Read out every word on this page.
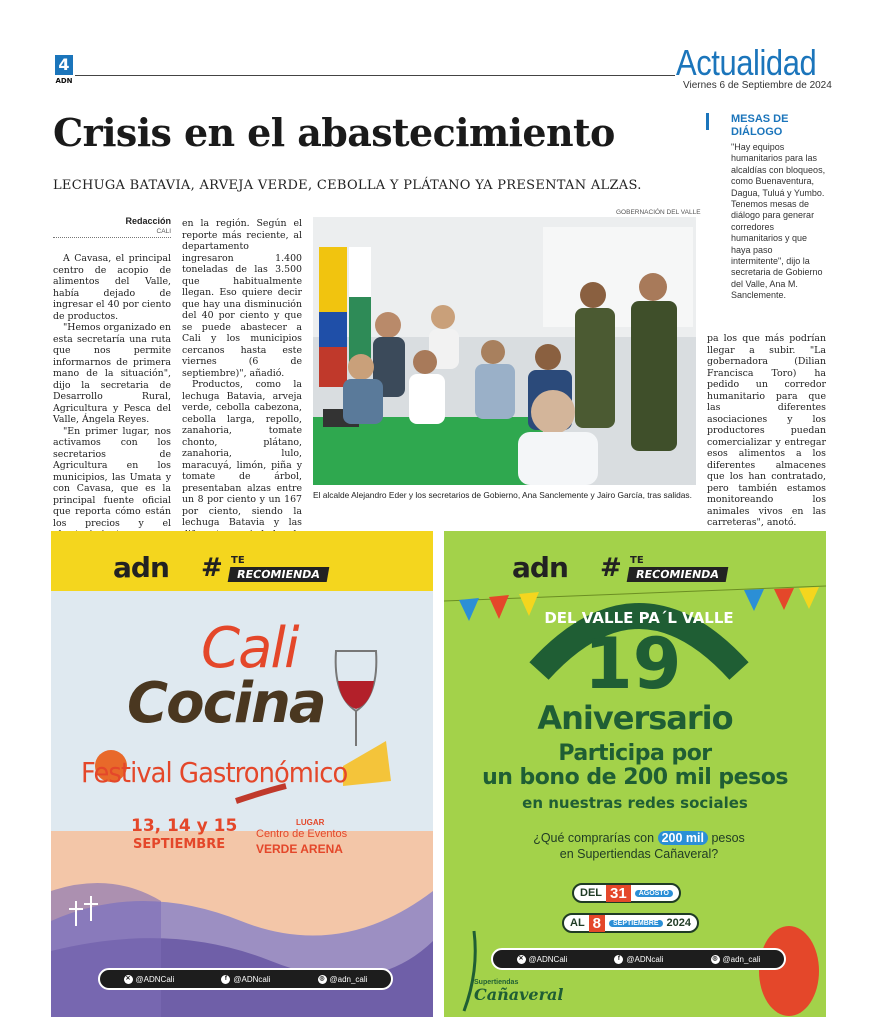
4
ADN	Actualidad
Viernes 6 de Septiembre de 2024
Crisis en el abastecimiento
LECHUGA BATAVIA, ARVEJA VERDE, CEBOLLA Y PLÁTANO YA PRESENTAN ALZAS.
MESAS DE
DIÁLOGO
"Hay equipos humanitarios para las alcaldías con bloqueos, como Buenaventura, Dagua, Tuluá y Yumbo. Tenemos mesas de diálogo para generar corredores humanitarios y que haya paso intermitente", dijo la secretaria de Gobierno del Valle, Ana M. Sanclemente.
Redacción
CALI

A Cavasa, el principal centro de acopio de alimentos del Valle, había dejado de ingresar el 40 por ciento de productos.

"Hemos organizado en esta secretaría una ruta que nos permite informarnos de primera mano de la situación", dijo la secretaria de Desarrollo Rural, Agricultura y Pesca del Valle, Ángela Reyes.

"En primer lugar, nos activamos con los secretarios de Agricultura en los municipios, las Umata y con Cavasa, que es la principal fuente oficial que reporta cómo están los precios y el

en la región. Según el reporte más reciente, al departamento ingresaron 1.400 toneladas de las 3.500 que habitualmente llegan. Eso quiere decir que hay una disminución del 40 por ciento y que se puede abastecer a Cali y los municipios cercanos hasta este viernes (6 de septiembre)", añadió.

Productos, como la lechuga Batavia, arveja verde, cebolla cabezona, cebolla larga, repollo, zanahoria, tomate chonto, plátano, zanahoria, lulo, maracuyá, limón, piña y tomate de árbol, presentaban alzas entre un 8 por ciento y un 167 por ciento, siendo la lechuga Batavia y las

pa los que más podrían llegar a subir. "La gobernadora (Dilian Francisca Toro) ha pedido un corredor humanitario para que las diferentes asociaciones y los productores puedan comercializar y entregar esos alimentos a los diferentes almacenes que los han contratado, pero también estamos monitoreando los animales vivos en las carreteras", anotó.

GOBERNACIÓN DEL VALLE
El alcalde Alejandro Eder y los secretarios de Gobierno, Ana Sanclemente y Jairo García, tras salidas.
adn # TE
RECOMIENDA
Cali
Cocina
Festival Gastronómico
13, 14 y 15
SEPTIEMBRE
LUGAR
Centro de Eventos
VERDE ARENA
✕ @ADNCali	f @ADNcali	◎ @adn_cali
adn # TE
RECOMIENDA
DEL VALLE PA´L VALLE
19
Aniversario
Participa por
un bono de 200 mil pesos
en nuestras redes sociales
¿Qué comprarías con 200 mil pesos
en Supertiendas Cañaveral?
DEL 31	AGOSTO
AL 8	SEPTIEMBRE 2024
✕ @ADNCali	f @ADNcali	◎ @adn_cali
Supertiendas
Cañaveral
